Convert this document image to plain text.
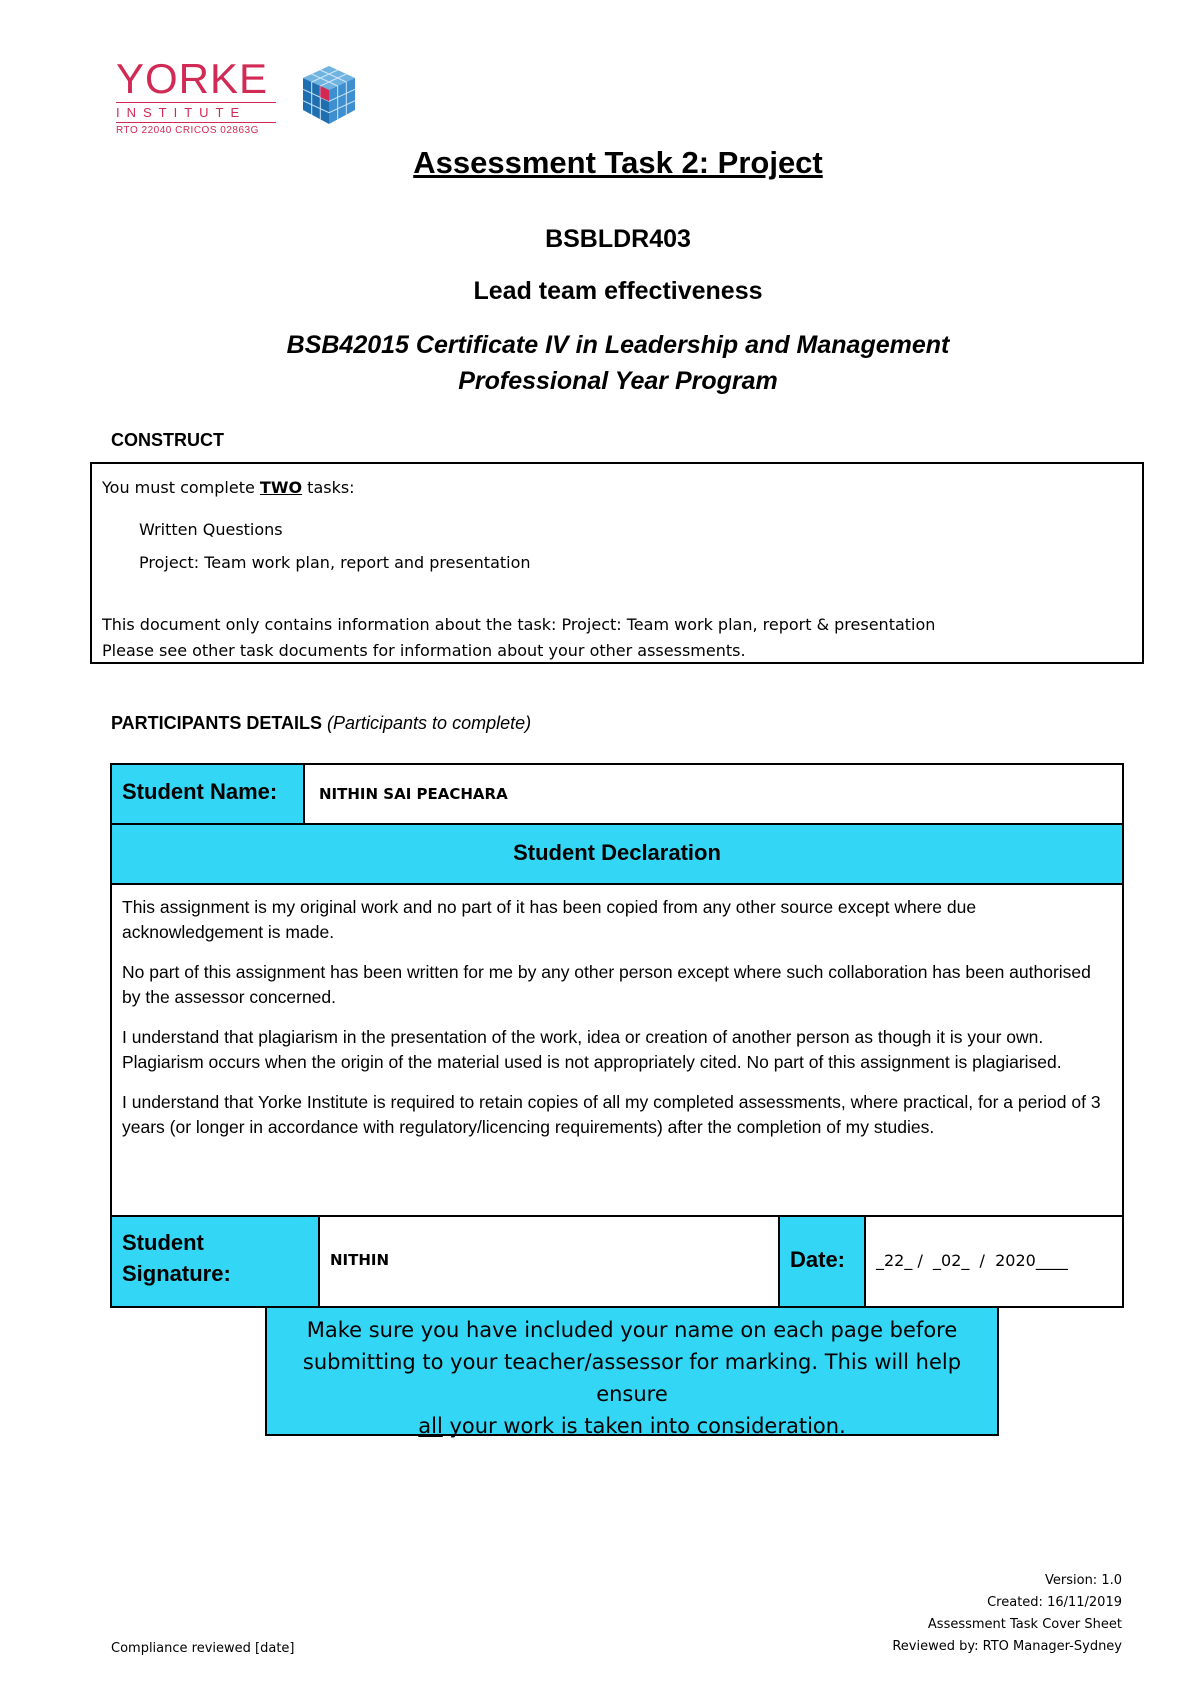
YORKE
INSTITUTE
RTO 22040 CRICOS 02863G
Assessment Task 2: Project
BSBLDR403
Lead team effectiveness
BSB42015 Certificate IV in Leadership and Management
Professional Year Program
CONSTRUCT
You must complete TWO tasks:
Written Questions
Project: Team work plan, report and presentation
This document only contains information about the task: Project: Team work plan, report & presentation
Please see other task documents for information about your other assessments.
PARTICIPANTS DETAILS (Participants to complete)
Student Name:	NITHIN SAI PEACHARA
Student Declaration

This assignment is my original work and no part of it has been copied from any other source except where due acknowledgement is made.

No part of this assignment has been written for me by any other person except where such collaboration has been authorised by the assessor concerned.

I understand that plagiarism in the presentation of the work, idea or creation of another person as though it is your own. Plagiarism occurs when the origin of the material used is not appropriately cited. No part of this assignment is plagiarised.

I understand that Yorke Institute is required to retain copies of all my completed assessments, where practical, for a period of 3 years (or longer in accordance with regulatory/licencing requirements) after the completion of my studies.

Student
Signature:
NITHIN	Date: _22_ /  _02_  /  2020____
Make sure you have included your name on each page before
submitting to your teacher/assessor for marking. This will help ensure
all your work is taken into consideration.
Version: 1.0
Created: 16/11/2019
Assessment Task Cover Sheet
Reviewed by: RTO Manager-Sydney
Compliance reviewed [date]
